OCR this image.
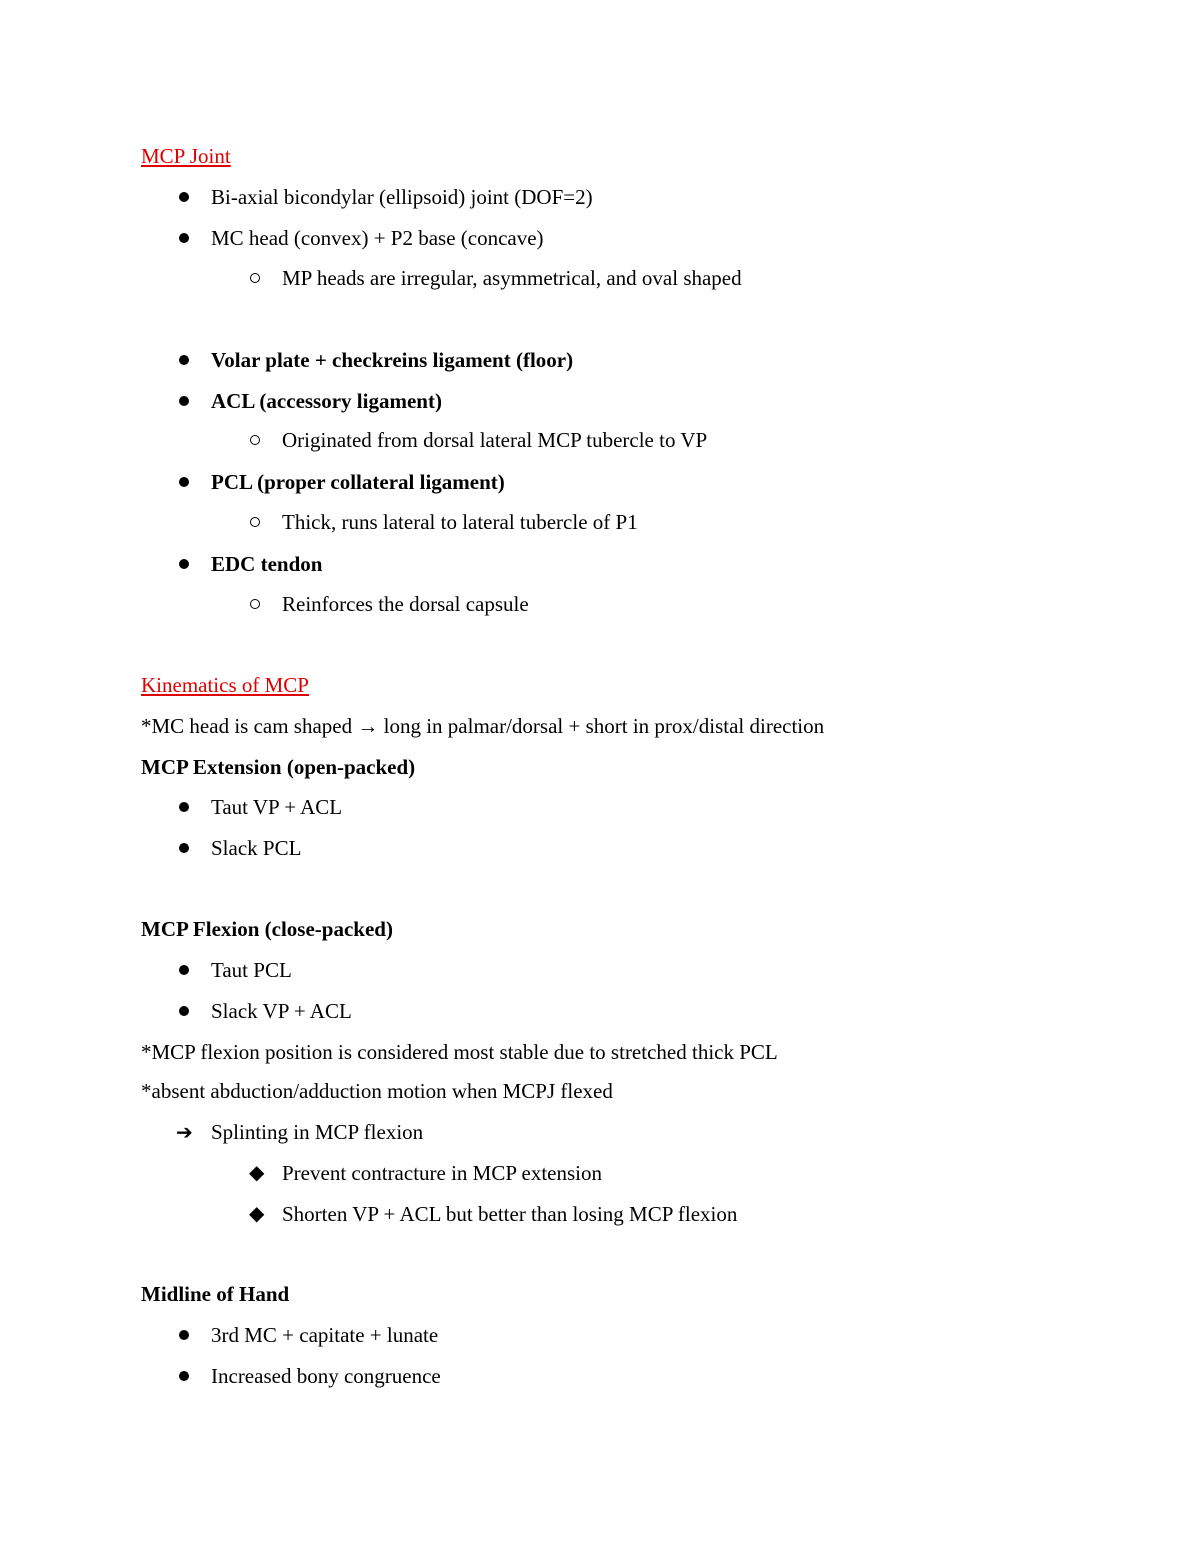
MCP Joint
Bi-axial bicondylar (ellipsoid) joint (DOF=2)
MC head (convex) + P2 base (concave)
MP heads are irregular, asymmetrical, and oval shaped
Volar plate + checkreins ligament (floor)
ACL (accessory ligament)
Originated from dorsal lateral MCP tubercle to VP
PCL (proper collateral ligament)
Thick, runs lateral to lateral tubercle of P1
EDC tendon
Reinforces the dorsal capsule
Kinematics of MCP
*MC head is cam shaped → long in palmar/dorsal + short in prox/distal direction
MCP Extension (open-packed)
Taut VP + ACL
Slack PCL
MCP Flexion (close-packed)
Taut PCL
Slack VP + ACL
*MCP flexion position is considered most stable due to stretched thick PCL
*absent abduction/adduction motion when MCPJ flexed
➔ Splinting in MCP flexion
◆ Prevent contracture in MCP extension
◆ Shorten VP + ACL but better than losing MCP flexion
Midline of Hand
3rd MC + capitate + lunate
Increased bony congruence
